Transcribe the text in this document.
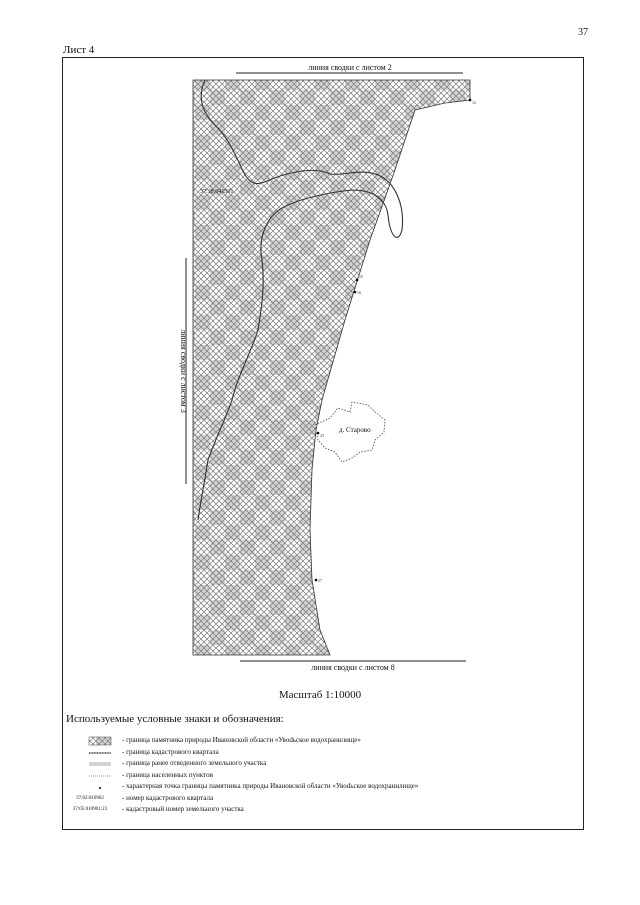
37
Лист 4
12
15
16
23
27
37:18:041501
д. Старово
линия сводки с листом 2
линия сводки с листом 3
линия сводки с листом 8
Масштаб 1:10000
Используемые условные знаки и обозначения:
- граница памятника природы Ивановской области «Увodьское водохранилище»
- граница кадастрового квартала
- граница ранее отведенного земельного участка
- граница населенных пунктов
- характерная точка границы памятника природы Ивановской области «Увodьское водохранилище»
37:02:010902	- номер кадастрового квартала
37:05:010901:23	- кадастровый номер земельного участка
